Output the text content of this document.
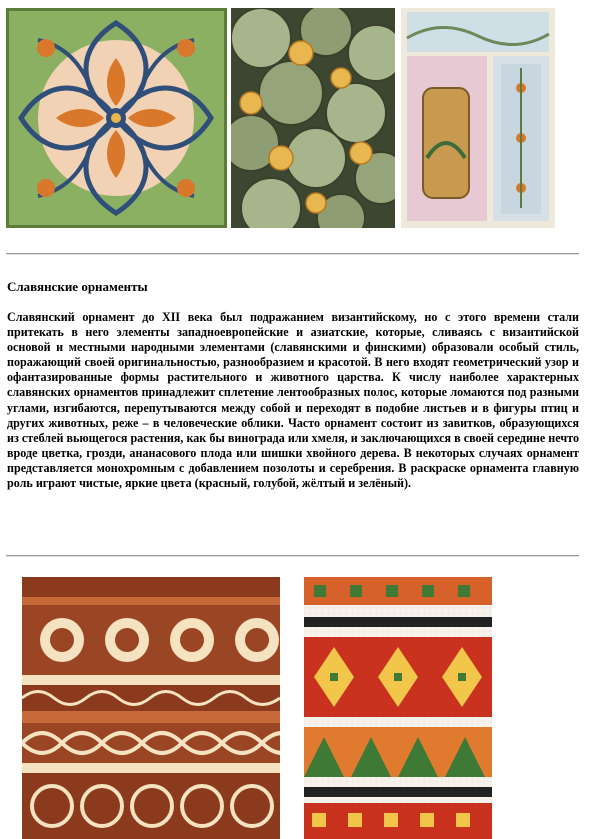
Славянские орнаменты

Славянский орнамент до XII века был подражанием византийскому, но с этого времени стали притекать в него элементы западноевропейские и азиатские, которые, сливаясь с византийской основой и местными народными элементами (славянскими и финскими) образовали особый стиль, поражающий своей оригинальностью, разнообразием и красотой. В него входят геометрический узор и офантазированные формы растительного и животного царства. К числу наиболее характерных славянских орнаментов принадлежит сплетение лентообразных полос, которые ломаются под разными углами, изгибаются, перепутываются между собой и переходят в подобие листьев и в фигуры птиц и других животных, реже – в человеческие облики. Часто орнамент состоит из завитков, образующихся из стеблей вьющегося растения, как бы винограда или хмеля, и заключающихся в своей середине нечто вроде цветка, грозди, ананасового плода или шишки хвойного дерева. В некоторых случаях орнамент представляется монохромным с добавлением позолоты и серебрения. В раскраске орнамента главную роль играют чистые, яркие цвета (красный, голубой, жёлтый и зелёный).
